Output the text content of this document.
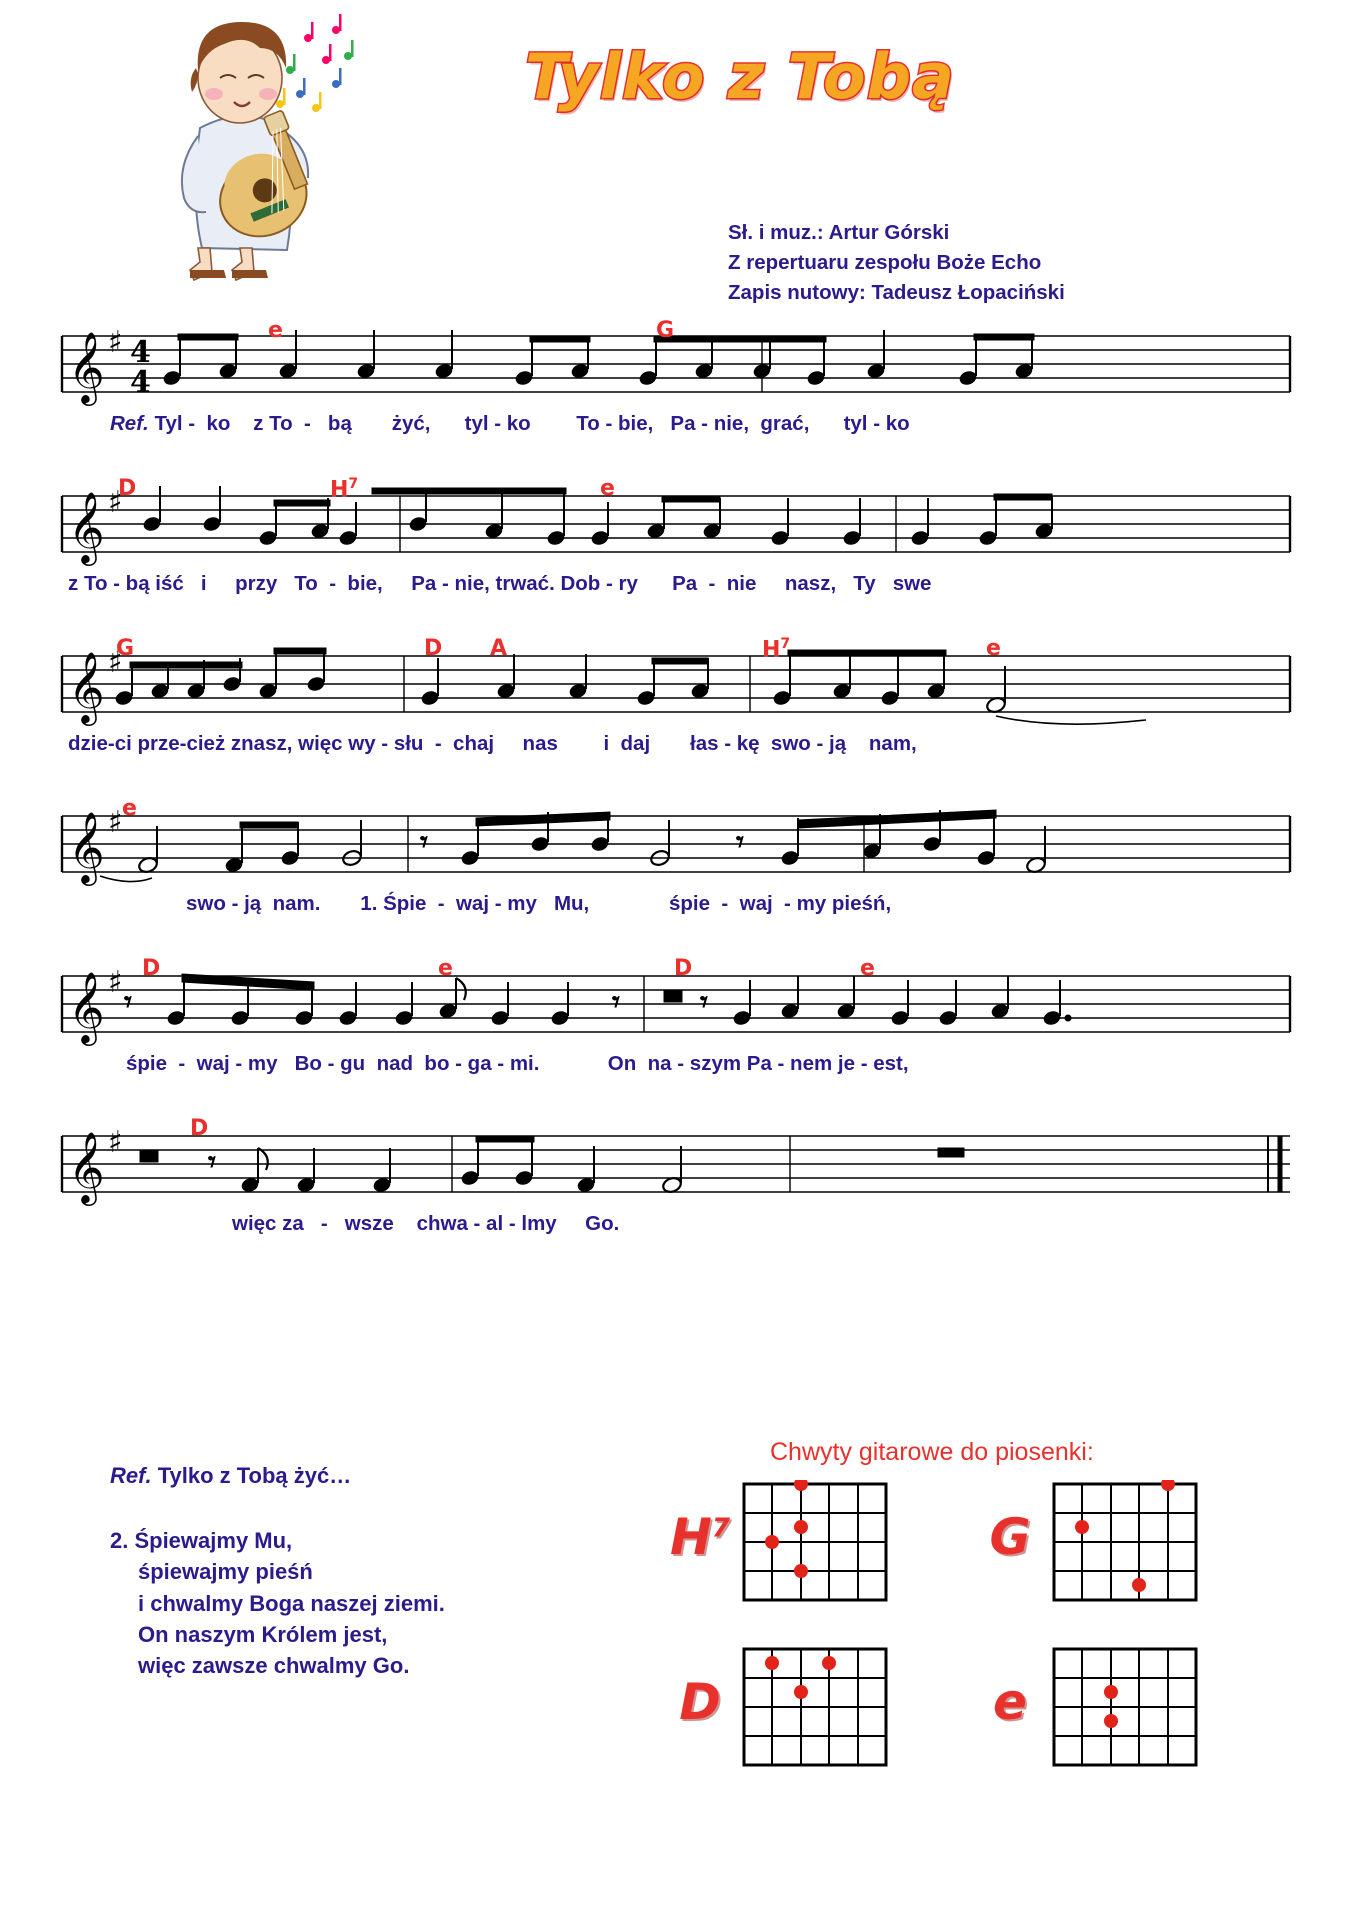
Tylko z Tobą
Sł. i muz.: Artur Górski
Z repertuaru zespołu Boże Echo
Zapis nutowy: Tadeusz Łopaciński
𝄞 ♯ 4
4
e	G
Ref. Tyl -  ko    z To  -   bą       żyć,      tyl - ko        To - bie,   Pa - nie,  grać,      tyl - ko
𝄞 ♯
D	$H^7$	e
z To - bą iść   i     przy   To  -  bie,     Pa - nie, trwać. Dob - ry      Pa  -  nie     nasz,   Ty   swe
𝄞 ♯
G	D A	$H^7$	e
dzie-ci prze-cież znasz, więc wy - słu  -  chaj     nas        i  daj       łas - kę  swo - ją    nam,
𝄞 ♯
𝄾	𝄾
e
swo - ją  nam.       1. Śpie  -  waj - my   Mu,              śpie  -  waj  - my pieśń,
𝄞 ♯
𝄾	𝄾	𝄾
D	e	D	e
śpie  -  waj - my   Bo - gu  nad  bo - ga - mi.            On  na - szym Pa - nem je - est,
𝄞 ♯
𝄾
D
więc za   -   wsze    chwa - al - lmy     Go.
Ref. Tylko z Tobą żyć…
2. Śpiewajmy Mu,

śpiewajmy pieśń
i chwalmy Boga naszej ziemi.
On naszym Królem jest,
więc zawsze chwalmy Go.
Chwyty gitarowe do piosenki:
$H^7$	G
D	e
